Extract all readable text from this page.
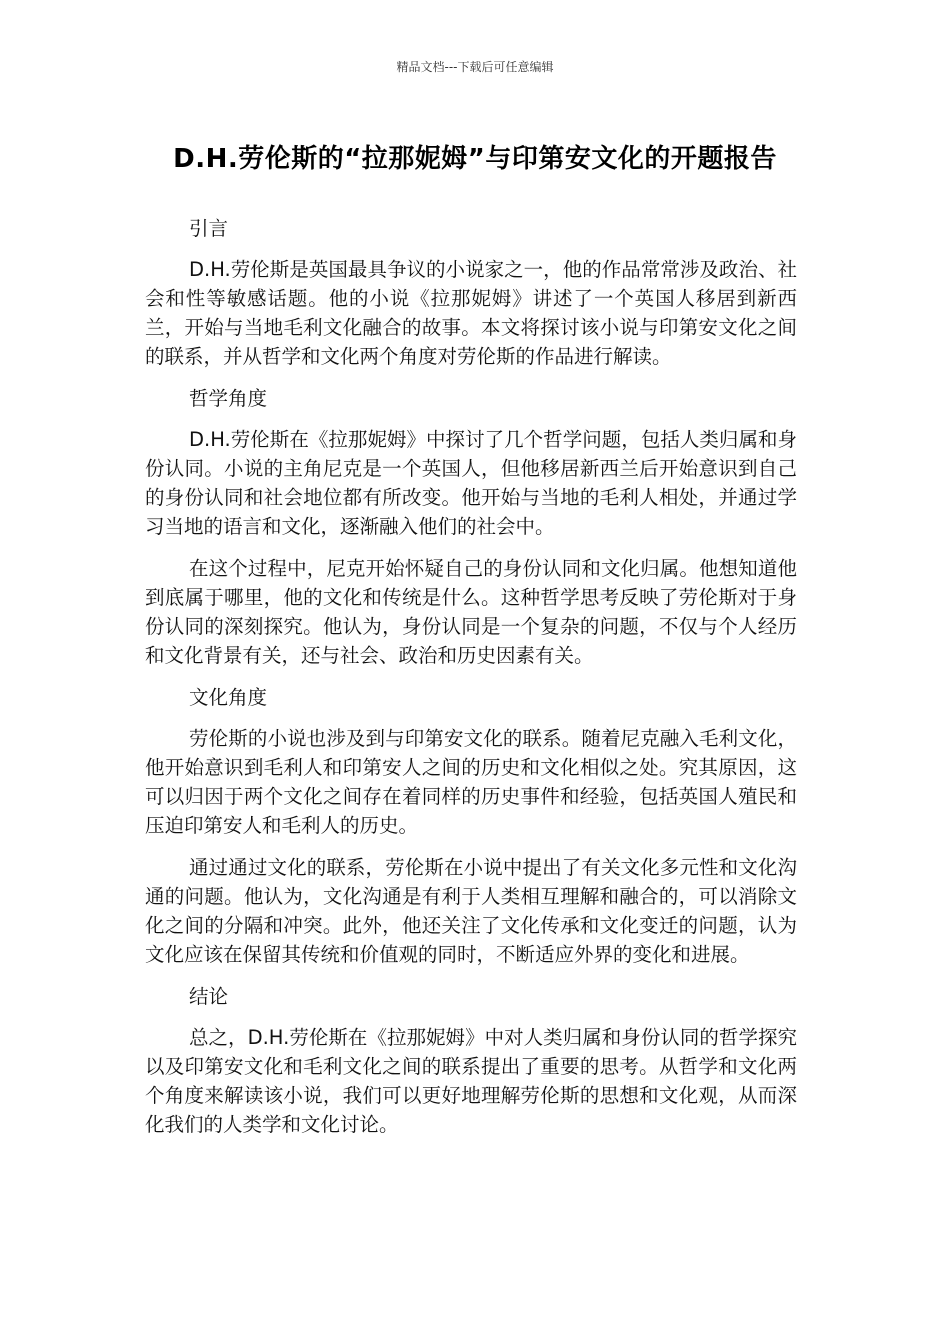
精品文档---下载后可任意编辑
D.H.劳伦斯的“拉那妮姆”与印第安文化的开题报告

引言

D.H.劳伦斯是英国最具争议的小说家之一，他的作品常常涉及政治、社会和性等敏感话题。他的小说《拉那妮姆》讲述了一个英国人移居到新西兰，开始与当地毛利文化融合的故事。本文将探讨该小说与印第安文化之间的联系，并从哲学和文化两个角度对劳伦斯的作品进行解读。

哲学角度

D.H.劳伦斯在《拉那妮姆》中探讨了几个哲学问题，包括人类归属和身份认同。小说的主角尼克是一个英国人，但他移居新西兰后开始意识到自己的身份认同和社会地位都有所改变。他开始与当地的毛利人相处，并通过学习当地的语言和文化，逐渐融入他们的社会中。

在这个过程中，尼克开始怀疑自己的身份认同和文化归属。他想知道他到底属于哪里，他的文化和传统是什么。这种哲学思考反映了劳伦斯对于身份认同的深刻探究。他认为，身份认同是一个复杂的问题，不仅与个人经历和文化背景有关，还与社会、政治和历史因素有关。

文化角度

劳伦斯的小说也涉及到与印第安文化的联系。随着尼克融入毛利文化，他开始意识到毛利人和印第安人之间的历史和文化相似之处。究其原因，这可以归因于两个文化之间存在着同样的历史事件和经验，包括英国人殖民和压迫印第安人和毛利人的历史。

通过通过文化的联系，劳伦斯在小说中提出了有关文化多元性和文化沟通的问题。他认为，文化沟通是有利于人类相互理解和融合的，可以消除文化之间的分隔和冲突。此外，他还关注了文化传承和文化变迁的问题，认为文化应该在保留其传统和价值观的同时，不断适应外界的变化和进展。

结论

总之，D.H.劳伦斯在《拉那妮姆》中对人类归属和身份认同的哲学探究以及印第安文化和毛利文化之间的联系提出了重要的思考。从哲学和文化两个角度来解读该小说，我们可以更好地理解劳伦斯的思想和文化观，从而深化我们的人类学和文化讨论。
